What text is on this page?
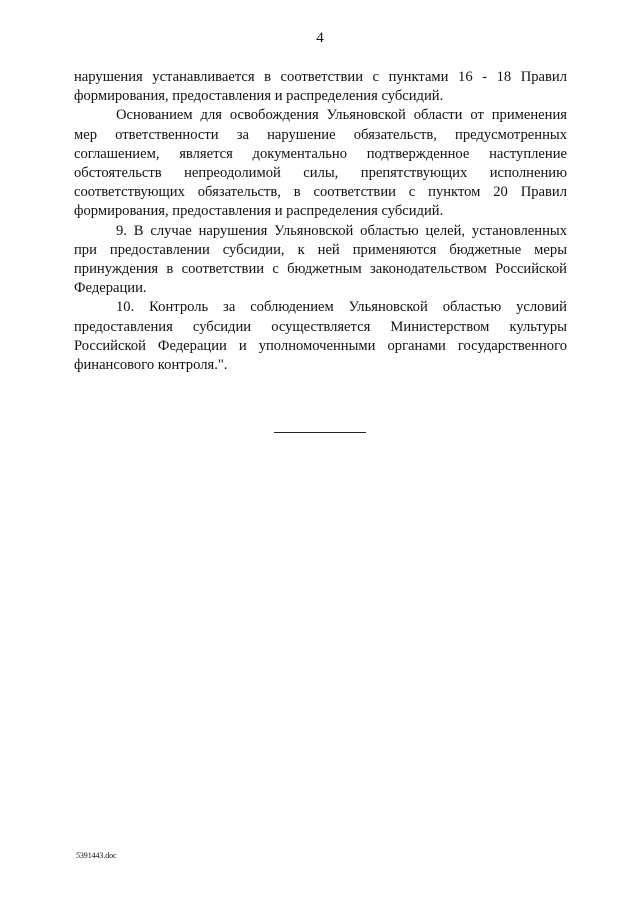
4

нарушения устанавливается в соответствии с пунктами 16 - 18 Правил формирования, предоставления и распределения субсидий.

Основанием для освобождения Ульяновской области от применения мер ответственности за нарушение обязательств, предусмотренных соглашением, является документально подтвержденное наступление обстоятельств непреодолимой силы, препятствующих исполнению соответствующих обязательств, в соответствии с пунктом 20 Правил формирования, предоставления и распределения субсидий.

9. В случае нарушения Ульяновской областью целей, установленных при предоставлении субсидии, к ней применяются бюджетные меры принуждения в соответствии с бюджетным законодательством Российской Федерации.

10. Контроль за соблюдением Ульяновской областью условий предоставления субсидии осуществляется Министерством культуры Российской Федерации и уполномоченными органами государственного финансового контроля.".

5391443.doc
